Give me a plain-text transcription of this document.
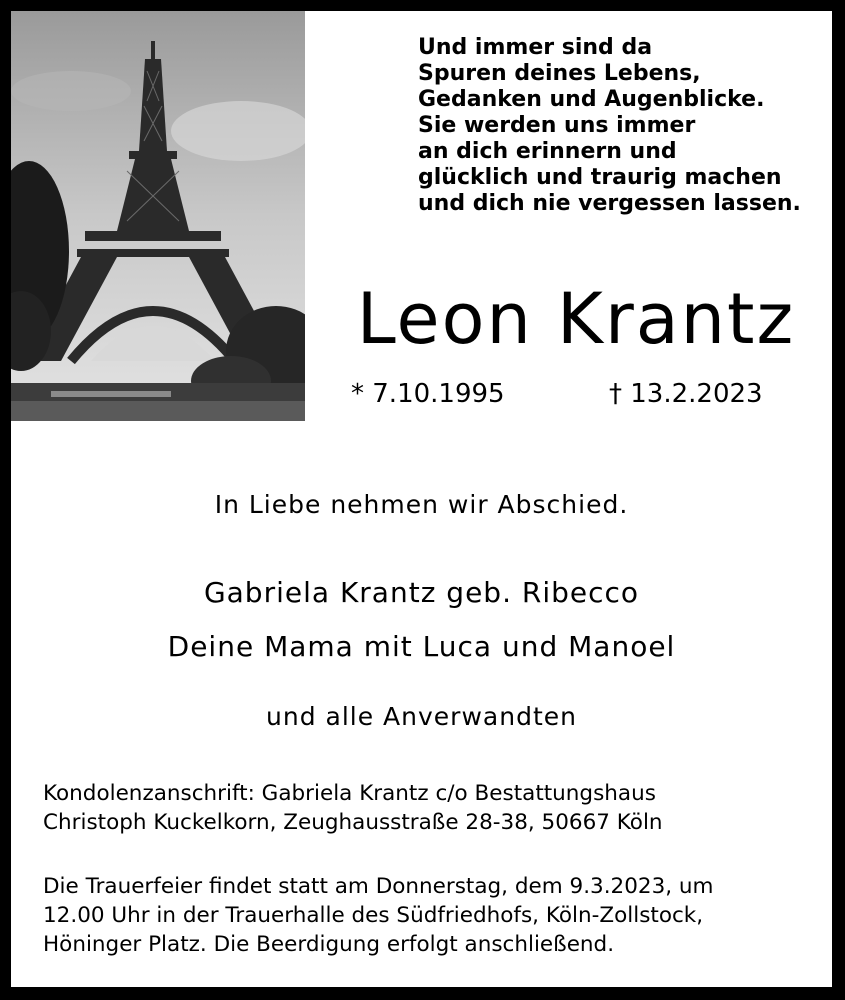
Und immer sind da
Spuren deines Lebens,
Gedanken und Augenblicke.
Sie werden uns immer
an dich erinnern und
glücklich und traurig machen
und dich nie vergessen lassen.
Leon Krantz
* 7.10.1995	† 13.2.2023
In Liebe nehmen wir Abschied.
Gabriela Krantz geb. Ribecco
Deine Mama mit Luca und Manoel
und alle Anverwandten
Kondolenzanschrift: Gabriela Krantz c/o Bestattungshaus
Christoph Kuckelkorn, Zeughausstraße 28-38, 50667 Köln
Die Trauerfeier findet statt am Donnerstag, dem 9.3.2023, um
12.00 Uhr in der Trauerhalle des Südfriedhofs, Köln-Zollstock,
Höninger Platz. Die Beerdigung erfolgt anschließend.
